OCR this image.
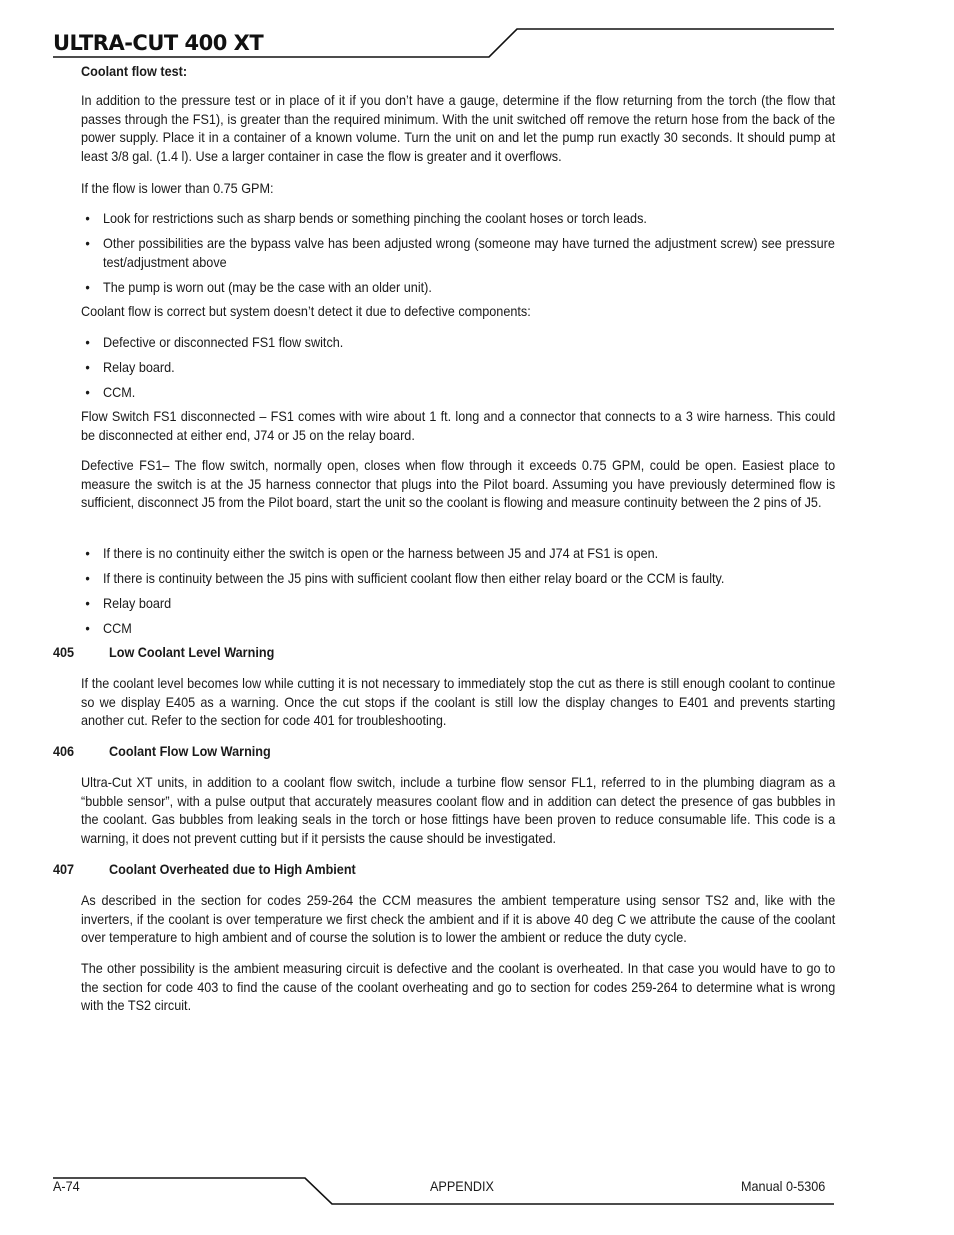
ULTRA-CUT 400 XT
Coolant flow test:
In addition to the pressure test or in place of it if you don’t have a gauge, determine if the flow returning from the torch (the flow that passes through the FS1), is greater than the required minimum. With the unit switched off remove the return hose from the back of the power supply. Place it in a container of a known volume. Turn the unit on and let the pump run exactly 30 seconds. It should pump at least 3/8 gal. (1.4 l). Use a larger container in case the flow is greater and it overflows.
If the flow is lower than 0.75 GPM:
• Look for restrictions such as sharp bends or something pinching the coolant hoses or torch leads.
• Other possibilities are the bypass valve has been adjusted wrong (someone may have turned the adjustment screw) see pressure test/adjustment above
• The pump is worn out (may be the case with an older unit).
Coolant flow is correct but system doesn’t detect it due to defective components:
• Defective or disconnected FS1 flow switch.
• Relay board.
• CCM.
Flow Switch FS1 disconnected – FS1 comes with wire about 1 ft. long and a connector that connects to a 3 wire harness. This could be disconnected at either end, J74 or J5 on the relay board.
Defective FS1– The flow switch, normally open, closes when flow through it exceeds 0.75 GPM, could be open. Easiest place to measure the switch is at the J5 harness connector that plugs into the Pilot board. Assuming you have previously determined flow is sufficient, disconnect J5 from the Pilot board, start the unit so the coolant is flowing and measure continuity between the 2 pins of J5.
• If there is no continuity either the switch is open or the harness between J5 and J74 at FS1 is open.
• If there is continuity between the J5 pins with sufficient coolant flow then either relay board or the CCM is faulty.
• Relay board
• CCM
405	Low Coolant Level Warning
If the coolant level becomes low while cutting it is not necessary to immediately stop the cut as there is still enough coolant to continue so we display E405 as a warning. Once the cut stops if the coolant is still low the display changes to E401 and prevents starting another cut. Refer to the section for code 401 for troubleshooting.
406	Coolant Flow Low Warning
Ultra-Cut XT units, in addition to a coolant flow switch, include a turbine flow sensor FL1, referred to in the plumbing diagram as a “bubble sensor”, with a pulse output that accurately measures coolant flow and in addition can detect the presence of gas bubbles in the coolant. Gas bubbles from leaking seals in the torch or hose fittings have been proven to reduce consumable life. This code is a warning, it does not prevent cutting but if it persists the cause should be investigated.
407	Coolant Overheated due to High Ambient
As described in the section for codes 259-264 the CCM measures the ambient temperature using sensor TS2 and, like with the inverters, if the coolant is over temperature we first check the ambient and if it is above 40 deg C we attribute the cause of the coolant over temperature to high ambient and of course the solution is to lower the ambient or reduce the duty cycle.
The other possibility is the ambient measuring circuit is defective and the coolant is overheated. In that case you would have to go to the section for code 403 to find the cause of the coolant overheating and go to section for codes 259-264 to determine what is wrong with the TS2 circuit.
A-74	APPENDIX	Manual 0-5306
